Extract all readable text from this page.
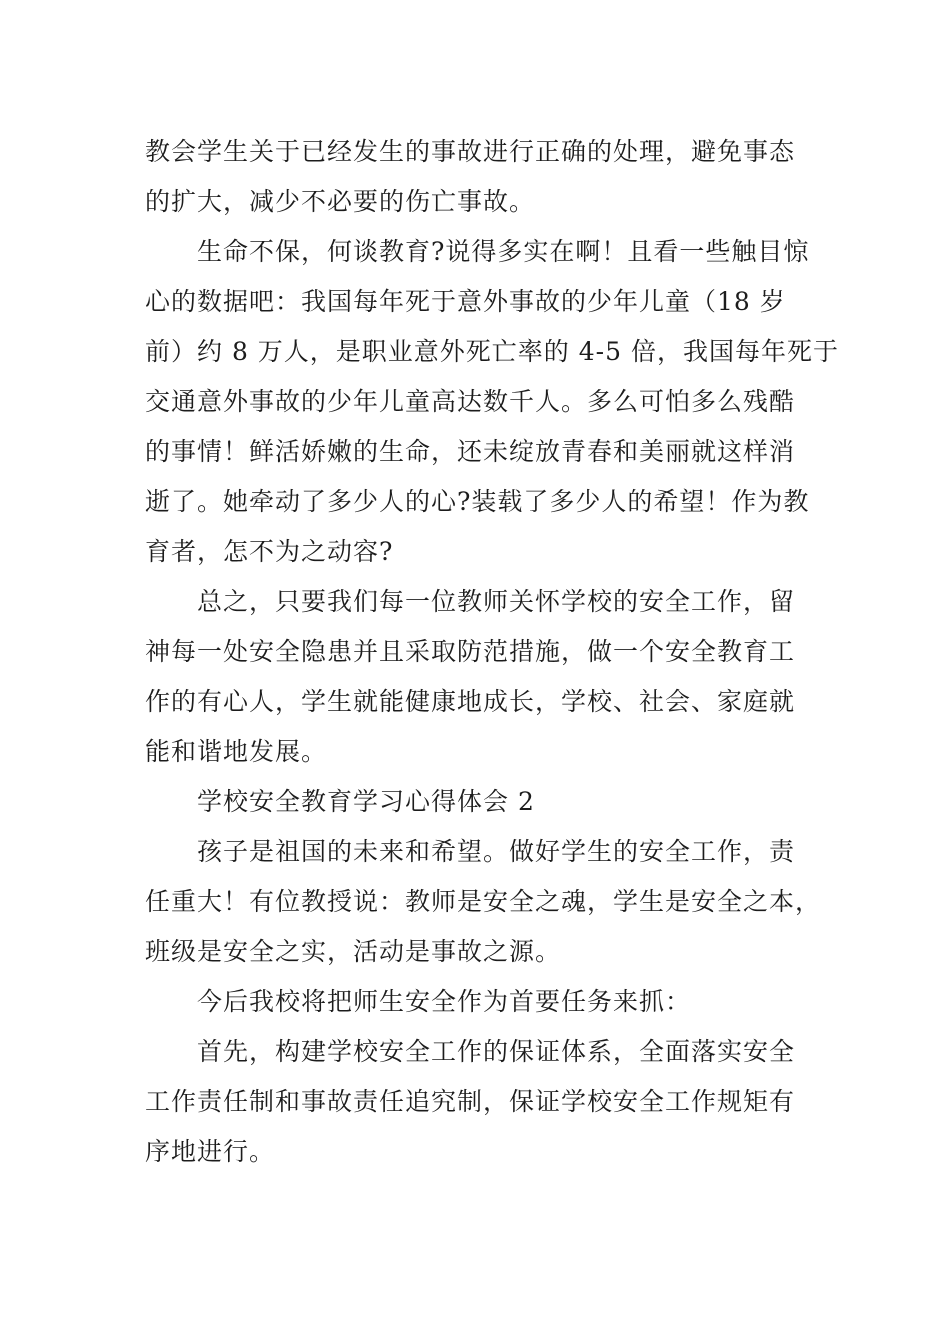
教会学生关于已经发生的事故进行正确的处理，避免事态
的扩大，减少不必要的伤亡事故。
生命不保，何谈教育?说得多实在啊！且看一些触目惊
心的数据吧：我国每年死于意外事故的少年儿童（18 岁
前）约 8 万人，是职业意外死亡率的 4-5 倍，我国每年死于
交通意外事故的少年儿童高达数千人。多么可怕多么残酷
的事情！鲜活娇嫩的生命，还未绽放青春和美丽就这样消
逝了。她牵动了多少人的心?装载了多少人的希望！作为教
育者，怎不为之动容?
总之，只要我们每一位教师关怀学校的安全工作，留
神每一处安全隐患并且采取防范措施，做一个安全教育工
作的有心人，学生就能健康地成长，学校、社会、家庭就
能和谐地发展。
学校安全教育学习心得体会 2
孩子是祖国的未来和希望。做好学生的安全工作，责
任重大！有位教授说：教师是安全之魂，学生是安全之本，
班级是安全之实，活动是事故之源。
今后我校将把师生安全作为首要任务来抓：
首先，构建学校安全工作的保证体系，全面落实安全
工作责任制和事故责任追究制，保证学校安全工作规矩有
序地进行。
